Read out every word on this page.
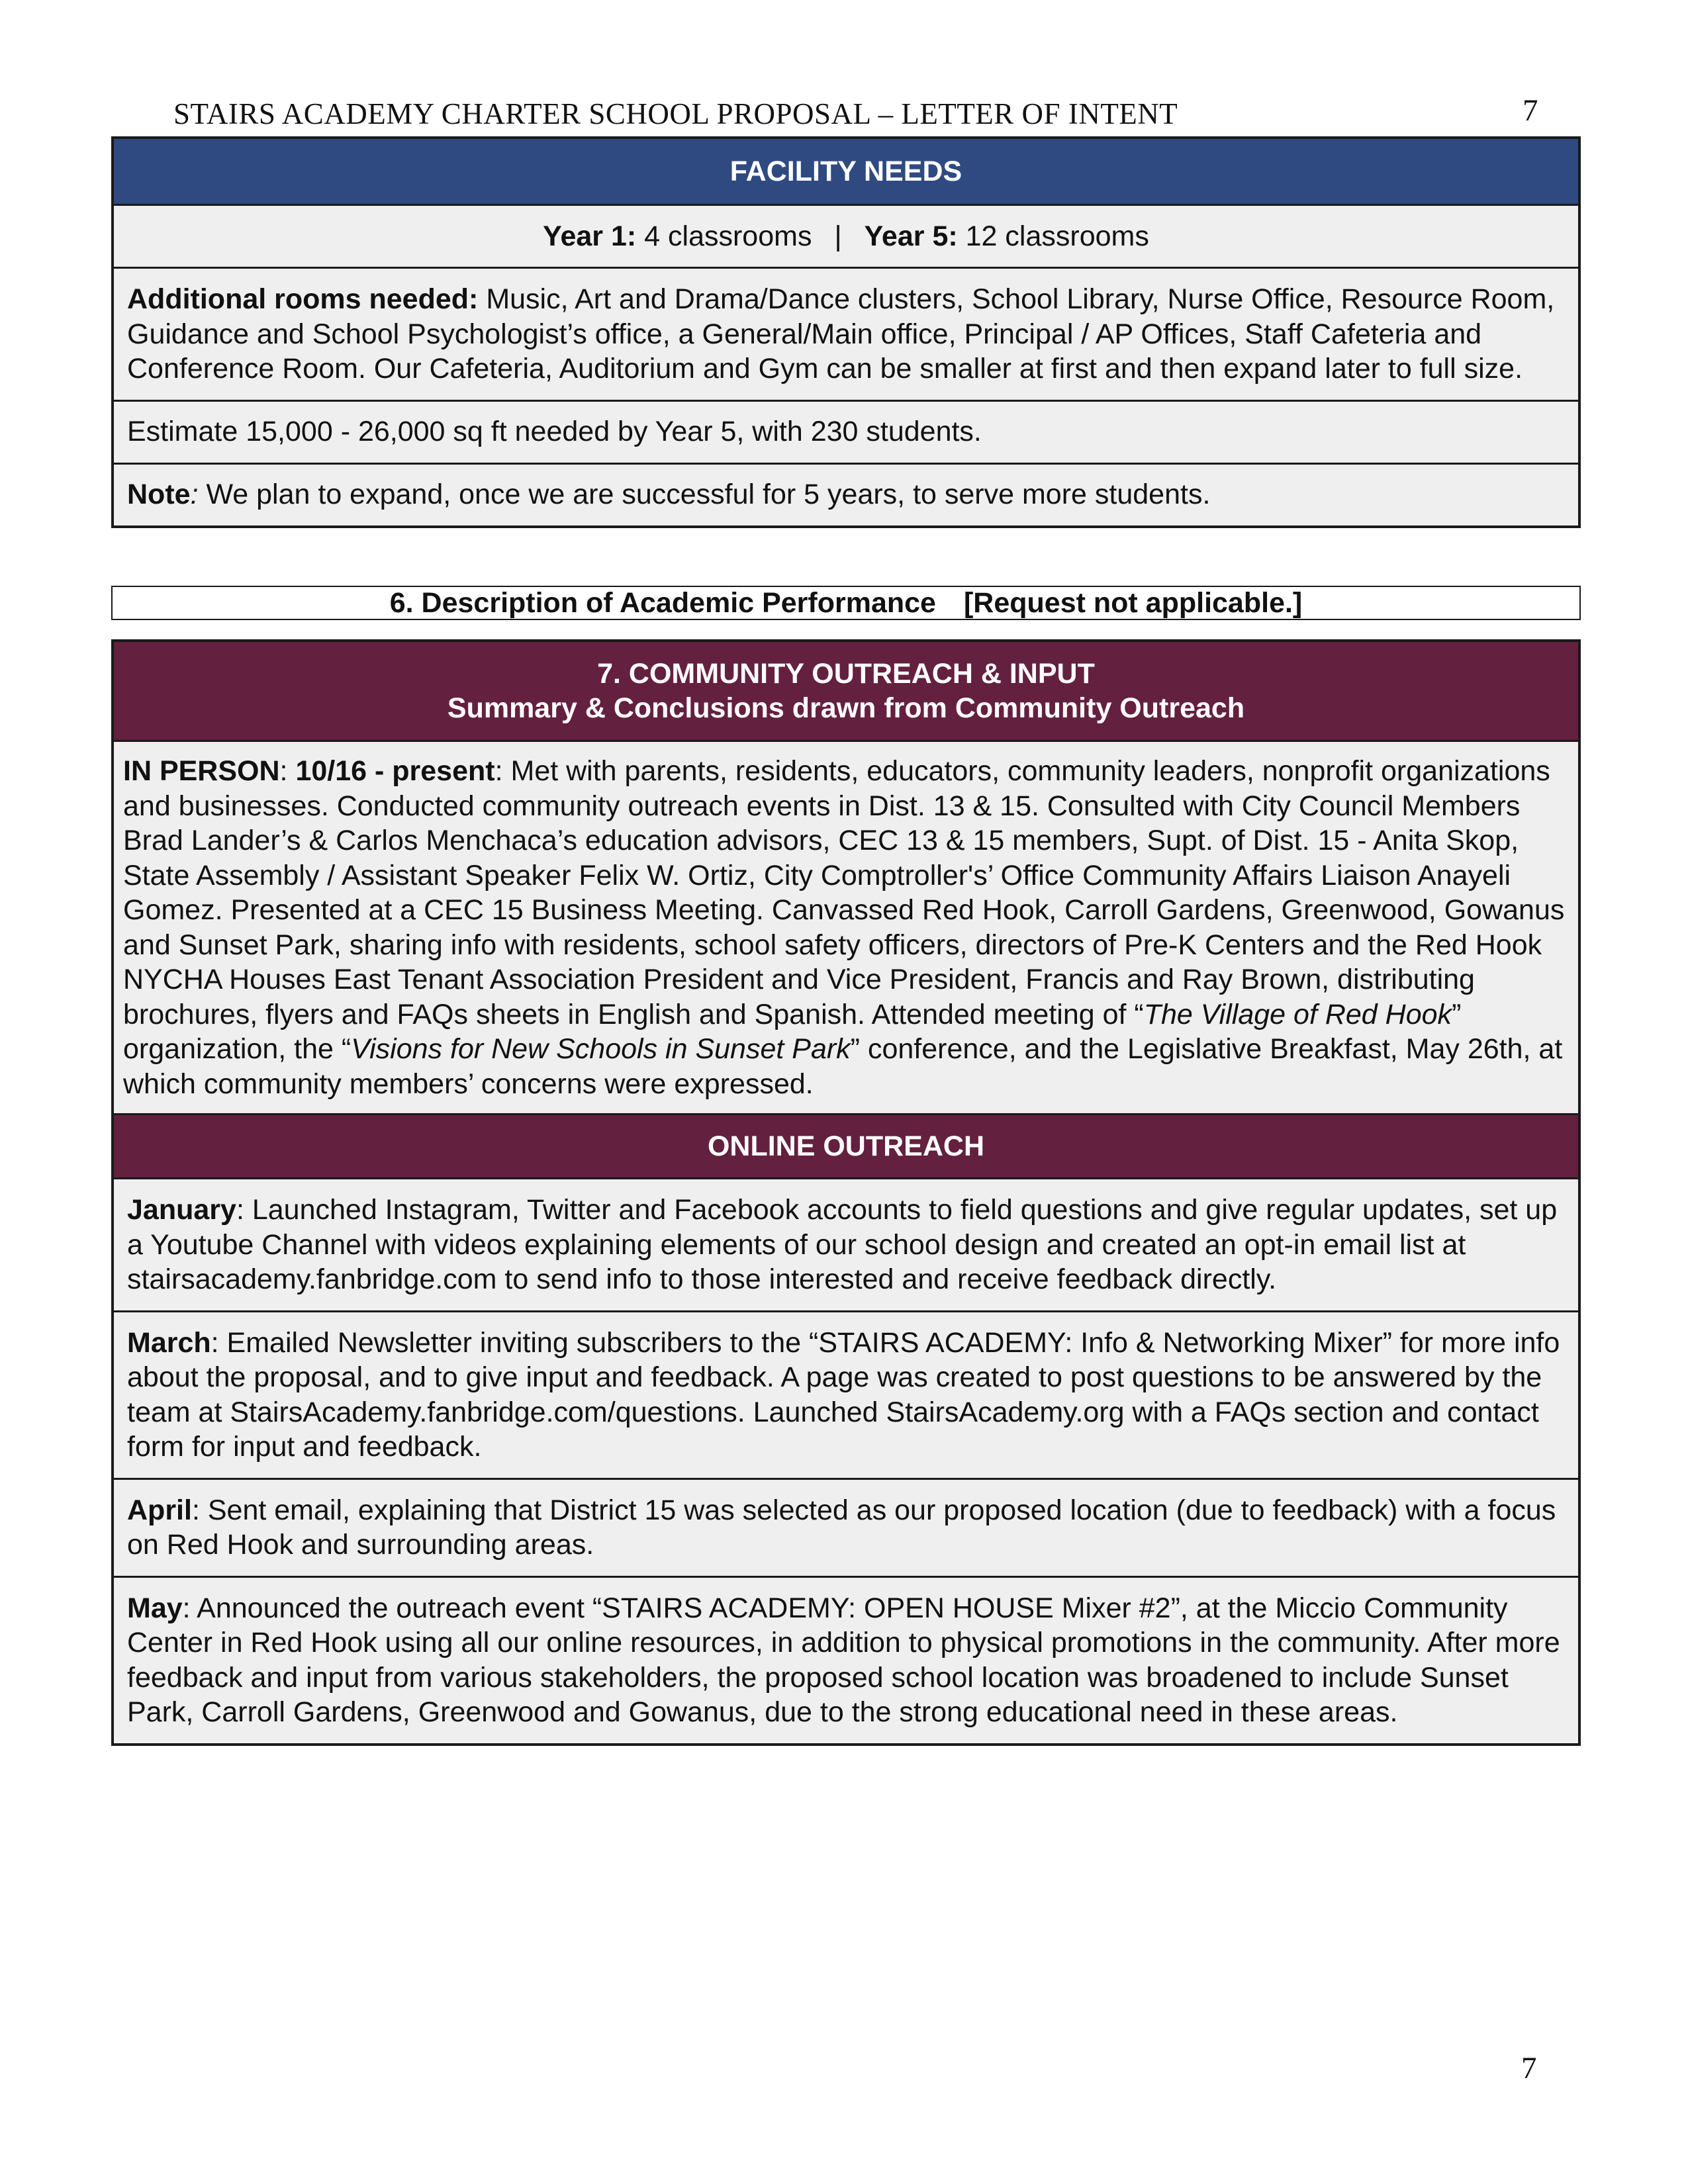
STAIRS ACADEMY CHARTER SCHOOL PROPOSAL – LETTER OF INTENT	7
FACILITY NEEDS
Year 1: 4 classrooms | Year 5: 12 classrooms
Additional rooms needed: Music, Art and Drama/Dance clusters, School Library, Nurse Office, Resource Room, Guidance and School Psychologist’s office, a General/Main office, Principal / AP Offices, Staff Cafeteria and Conference Room. Our Cafeteria, Auditorium and Gym can be smaller at first and then expand later to full size.
Estimate 15,000 - 26,000 sq ft needed by Year 5, with 230 students.
Note: We plan to expand, once we are successful for 5 years, to serve more students.
6. Description of Academic Performance [Request not applicable.]
7. COMMUNITY OUTREACH & INPUT
Summary & Conclusions drawn from Community Outreach

IN PERSON: 10/16 - present: Met with parents, residents, educators, community leaders, nonprofit organizations and businesses. Conducted community outreach events in Dist. 13 & 15. Consulted with City Council Members Brad Lander’s & Carlos Menchaca’s education advisors, CEC 13 & 15 members, Supt. of Dist. 15 - Anita Skop, State Assembly / Assistant Speaker Felix W. Ortiz, City Comptroller's’ Office Community Affairs Liaison Anayeli Gomez. Presented at a CEC 15 Business Meeting. Canvassed Red Hook, Carroll Gardens, Greenwood, Gowanus and Sunset Park, sharing info with residents, school safety officers, directors of Pre-K Centers and the Red Hook NYCHA Houses East Tenant Association President and Vice President, Francis and Ray Brown, distributing brochures, flyers and FAQs sheets in English and Spanish. Attended meeting of “The Village of Red Hook” organization, the “Visions for New Schools in Sunset Park” conference, and the Legislative Breakfast, May 26th, at which community members’ concerns were expressed.
ONLINE OUTREACH
January: Launched Instagram, Twitter and Facebook accounts to field questions and give regular updates, set up a Youtube Channel with videos explaining elements of our school design and created an opt-in email list at stairsacademy.fanbridge.com to send info to those interested and receive feedback directly.
March: Emailed Newsletter inviting subscribers to the “STAIRS ACADEMY: Info & Networking Mixer” for more info about the proposal, and to give input and feedback. A page was created to post questions to be answered by the team at StairsAcademy.fanbridge.com/questions. Launched StairsAcademy.org with a FAQs section and contact form for input and feedback.
April: Sent email, explaining that District 15 was selected as our proposed location (due to feedback) with a focus on Red Hook and surrounding areas.
May: Announced the outreach event “STAIRS ACADEMY: OPEN HOUSE Mixer #2”, at the Miccio Community Center in Red Hook using all our online resources, in addition to physical promotions in the community. After more feedback and input from various stakeholders, the proposed school location was broadened to include Sunset Park, Carroll Gardens, Greenwood and Gowanus, due to the strong educational need in these areas.
7
